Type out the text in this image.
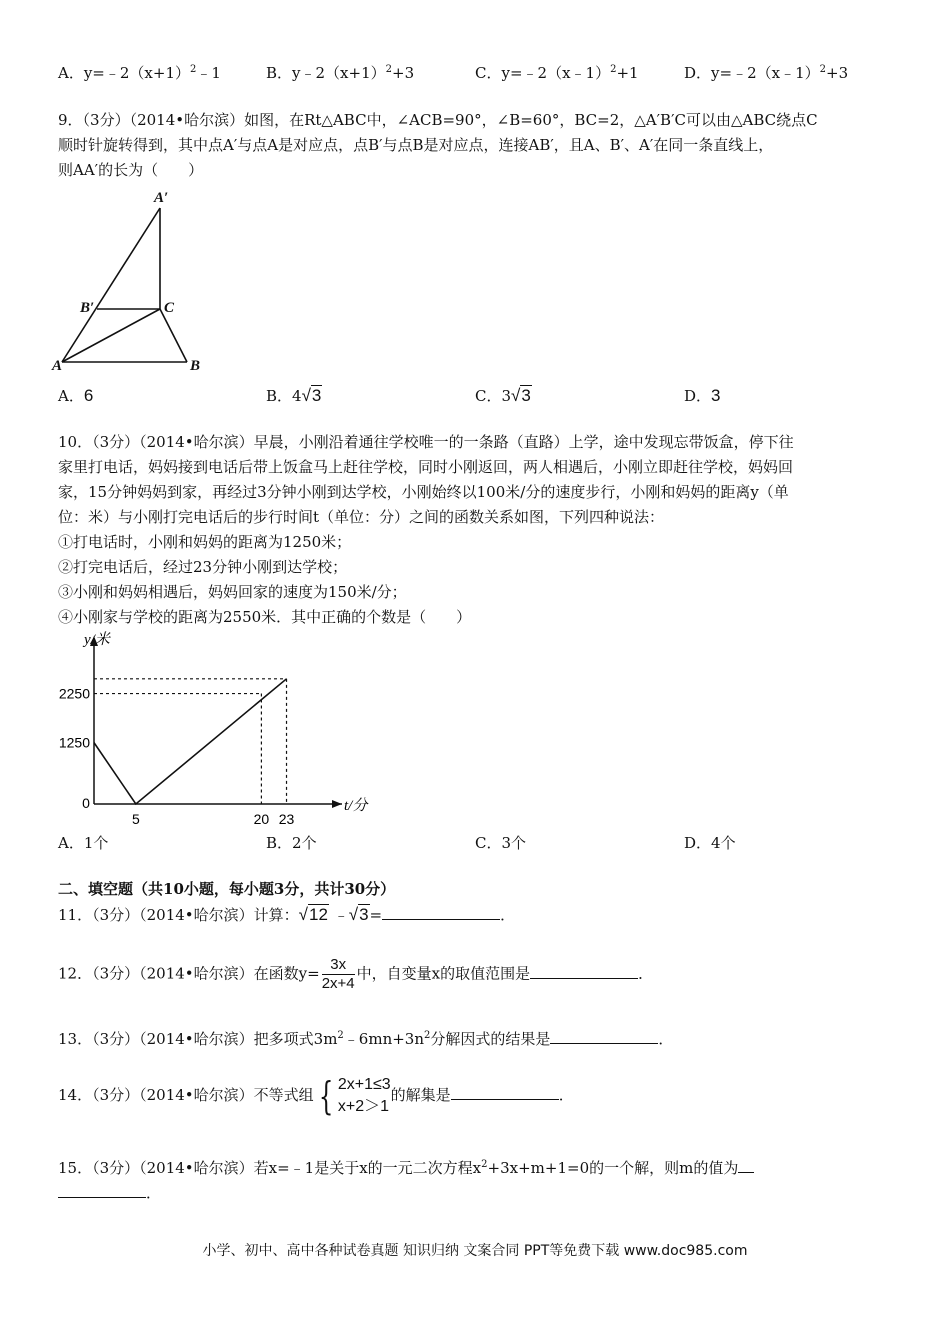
A．$y=﹣2(x+1)^2﹣1$	B．$y﹣2(x+1)^2+3$	C．y=﹣2（x﹣1）$^2$+1	D．y=﹣2（x﹣1）$^2$+3
9．（3分）（2014•哈尔滨）如图，在Rt△ABC中，∠ACB=90°，∠B=60°，BC=2，△A′B′C可以由△ABC绕点C
顺时针旋转得到，其中点A′与点A是对应点，点B′与点B是对应点，连接AB′，且A、B′、A′在同一条直线上，
则AA′的长为（　　）
A′
B′	C
A	B
A．6	B．4√3	C．3√3	D．3
10．（3分）（2014•哈尔滨）早晨，小刚沿着通往学校唯一的一条路（直路）上学，途中发现忘带饭盒，停下往
家里打电话，妈妈接到电话后带上饭盒马上赶往学校，同时小刚返回，两人相遇后，小刚立即赶往学校，妈妈回
家，15分钟妈妈到家，再经过3分钟小刚到达学校，小刚始终以100米/分的速度步行，小刚和妈妈的距离y（单
位：米）与小刚打完电话后的步行时间t（单位：分）之间的函数关系如图，下列四种说法：
①打电话时，小刚和妈妈的距离为1250米；
②打完电话后，经过23分钟小刚到达学校；
③小刚和妈妈相遇后，妈妈回家的速度为150米/分；
④小刚家与学校的距离为2550米．其中正确的个数是（　　）
t/分
y/米
0
5	20 23
1250
2250
A．1个	B．2个	C．3个	D．4个
二、填空题（共10小题，每小题3分，共计30分）
11．（3分）（2014•哈尔滨）计算：√12 ﹣√3=	．
12．（3分）（2014•哈尔滨）在函数$y= \frac{3x}{2x+4}$ 中，自变量x的取值范围是	．
13．（3分）（2014•哈尔滨）把多项式$3m^2﹣6mn+3n^2$分解因式的结果是	．
14．（3分）（2014•哈尔滨）不等式组 { 2x+1≤3
x+2＞1
的解集是	．
15．（3分）（2014•哈尔滨）若x=﹣1是关于x的一元二次方程$x^2+3x+m+1=0$的一个解，则m的值为
．
小学、初中、高中各种试卷真题 知识归纳 文案合同 PPT等免费下载 www.doc985.com
